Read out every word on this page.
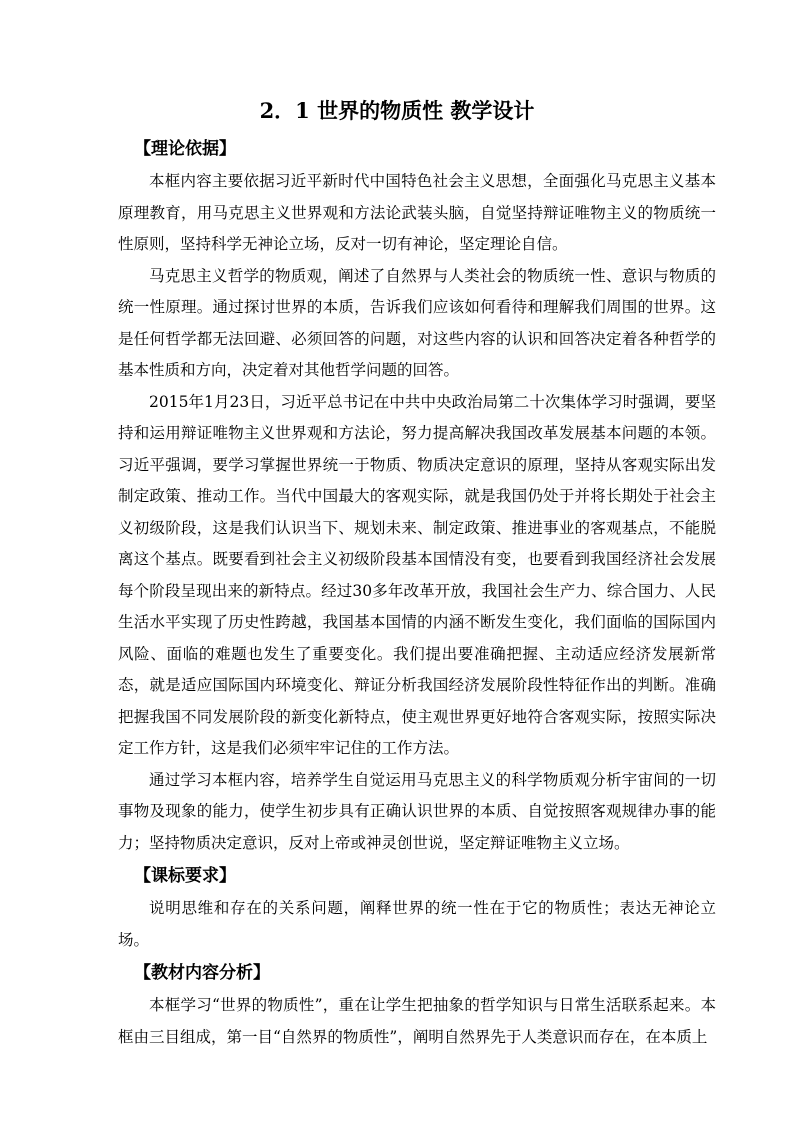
2．1 世界的物质性 教学设计
【理论依据】

本框内容主要依据习近平新时代中国特色社会主义思想，全面强化马克思主义基本原理教育，用马克思主义世界观和方法论武装头脑，自觉坚持辩证唯物主义的物质统一性原则，坚持科学无神论立场，反对一切有神论，坚定理论自信。

马克思主义哲学的物质观，阐述了自然界与人类社会的物质统一性、意识与物质的统一性原理。通过探讨世界的本质，告诉我们应该如何看待和理解我们周围的世界。这是任何哲学都无法回避、必须回答的问题，对这些内容的认识和回答决定着各种哲学的基本性质和方向，决定着对其他哲学问题的回答。

2015年1月23日，习近平总书记在中共中央政治局第二十次集体学习时强调，要坚持和运用辩证唯物主义世界观和方法论，努力提高解决我国改革发展基本问题的本领。习近平强调，要学习掌握世界统一于物质、物质决定意识的原理，坚持从客观实际出发制定政策、推动工作。当代中国最大的客观实际，就是我国仍处于并将长期处于社会主义初级阶段，这是我们认识当下、规划未来、制定政策、推进事业的客观基点，不能脱离这个基点。既要看到社会主义初级阶段基本国情没有变，也要看到我国经济社会发展每个阶段呈现出来的新特点。经过30多年改革开放，我国社会生产力、综合国力、人民生活水平实现了历史性跨越，我国基本国情的内涵不断发生变化，我们面临的国际国内风险、面临的难题也发生了重要变化。我们提出要准确把握、主动适应经济发展新常态，就是适应国际国内环境变化、辩证分析我国经济发展阶段性特征作出的判断。准确把握我国不同发展阶段的新变化新特点，使主观世界更好地符合客观实际，按照实际决定工作方针，这是我们必须牢牢记住的工作方法。

通过学习本框内容，培养学生自觉运用马克思主义的科学物质观分析宇宙间的一切事物及现象的能力，使学生初步具有正确认识世界的本质、自觉按照客观规律办事的能力；坚持物质决定意识，反对上帝或神灵创世说，坚定辩证唯物主义立场。

【课标要求】

说明思维和存在的关系问题，阐释世界的统一性在于它的物质性；表达无神论立场。

【教材内容分析】

本框学习“世界的物质性”，重在让学生把抽象的哲学知识与日常生活联系起来。本框由三目组成，第一目“自然界的物质性”，阐明自然界先于人类意识而存在，在本质上
